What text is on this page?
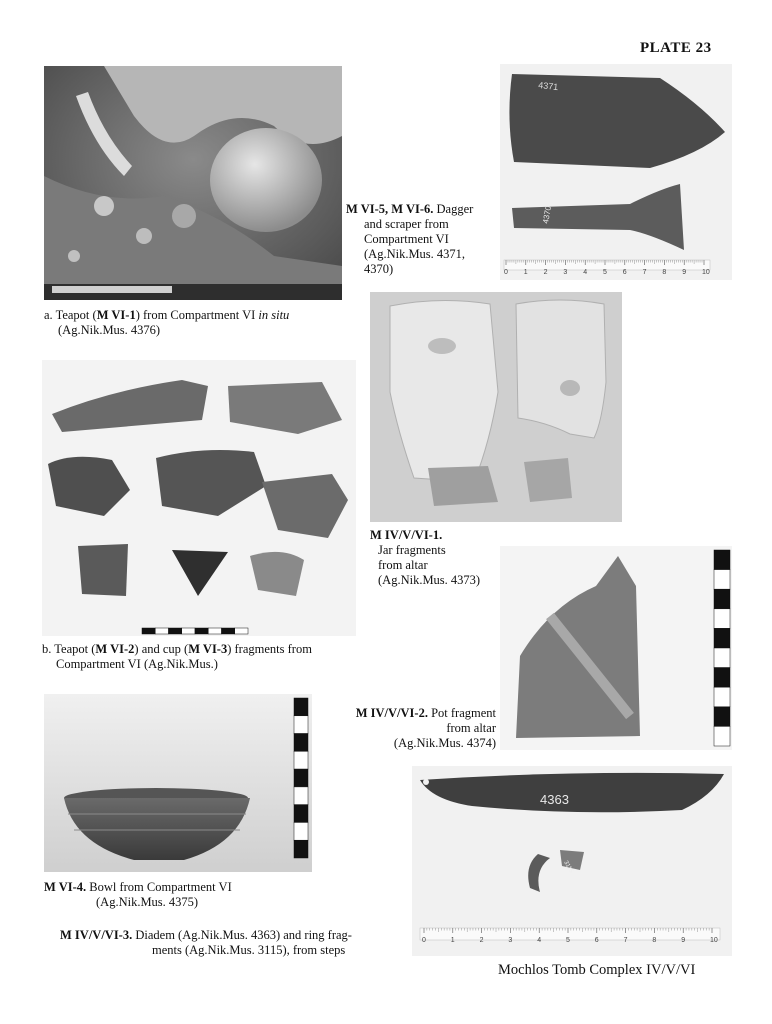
PLATE 23
a. Teapot (M VI-1) from Compartment VI in situ
(Ag.Nik.Mus. 4376)
4371
4370
0 1 2 3 4 5 6 7 8 9 10
M VI-5, M VI-6. Dagger
and scraper from
Compartment VI
(Ag.Nik.Mus. 4371,
4370)
M IV/V/VI-1.
Jar fragments
from altar
(Ag.Nik.Mus. 4373)
b. Teapot (M VI-2) and cup (M VI-3) fragments from
Compartment VI (Ag.Nik.Mus.)
M IV/V/VI-2. Pot fragment
from altar
(Ag.Nik.Mus. 4374)
M VI-4. Bowl from Compartment VI
(Ag.Nik.Mus. 4375)
4363
3115
0	1	2	3	4	5	6	7	8	9	10
M IV/V/VI-3. Diadem (Ag.Nik.Mus. 4363) and ring frag-
ments (Ag.Nik.Mus. 3115), from steps
Mochlos Tomb Complex IV/V/VI
